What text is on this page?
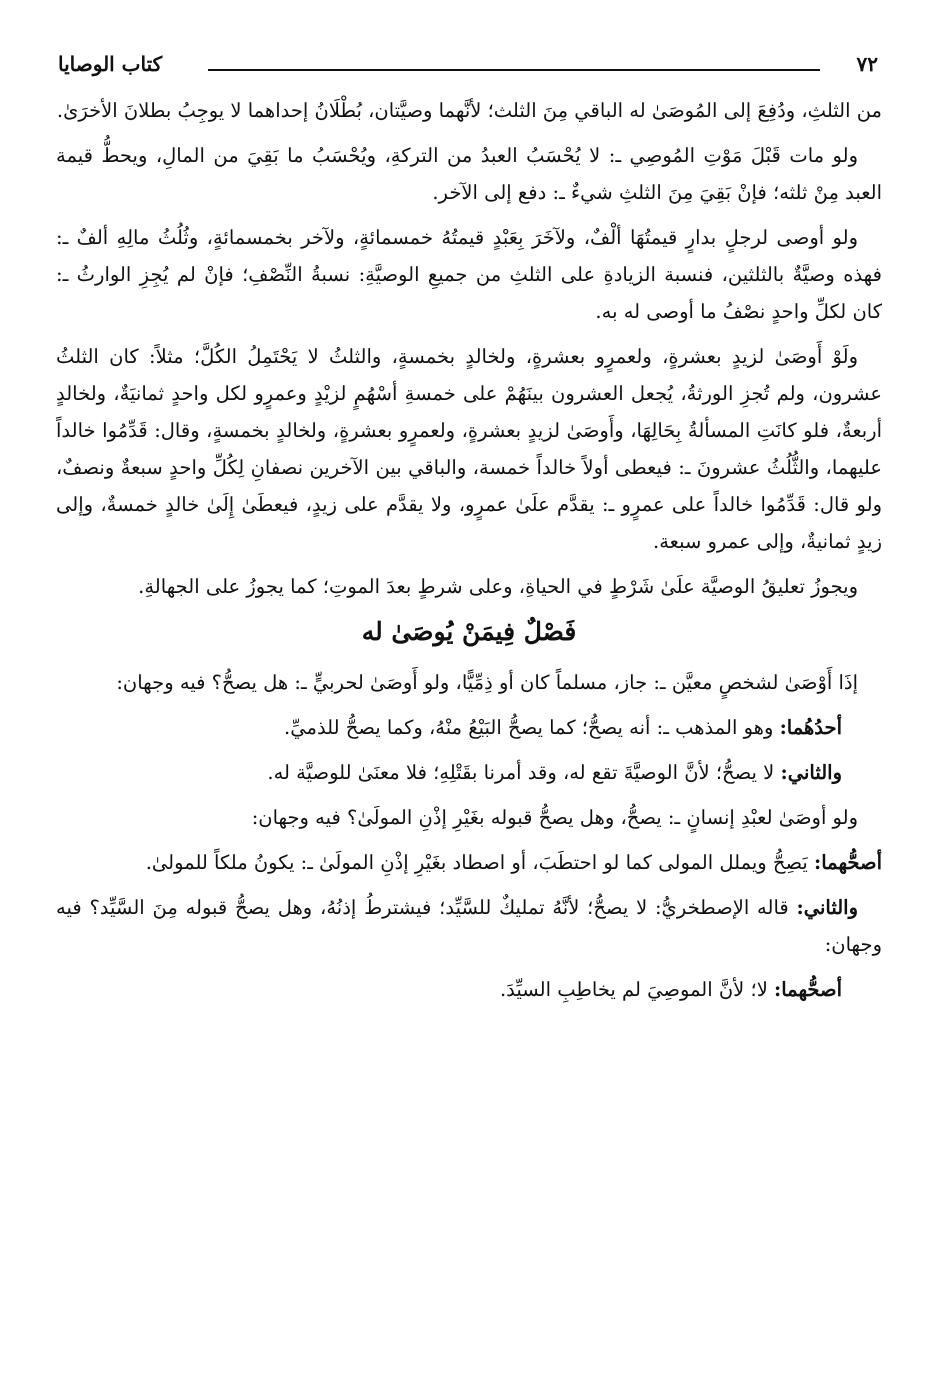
٧٢
كتاب الوصايا

من الثلثِ، ودُفِعَ إلى المُوصَىٰ له الباقي مِنَ الثلث؛ لأنَّهما وصيَّتان، بُطْلَانُ إحداهما لا يوجِبُ بطلانَ الأخرَىٰ.

ولو مات قَبْلَ مَوْتِ المُوصِي ـ: لا يُحْسَبُ العبدُ من التركةِ، ويُحْسَبُ ما بَقِيَ من المالِ، ويحطُّ قيمة العبد مِنْ ثلثه؛ فإنْ بَقِيَ مِنَ الثلثِ شيءٌ ـ: دفع إلى الآخر.

ولو أوصى لرجلٍ بدارٍ قيمتُهَا ألْفٌ، ولآخَرَ بِعَبْدٍ قيمتُهُ خمسمائةٍ، ولآخر بخمسمائةٍ، وثُلُثُ مالِهِ ألفٌ ـ: فهذه وصيَّةٌ بالثلثين، فنسبة الزيادةِ على الثلثِ من جميعِ الوصيَّةِ: نسبةُ النِّصْفِ؛ فإنْ لم يُجِزِ الوارثُ ـ: كان لكلِّ واحدٍ نصْفُ ما أوصى له به.

ولَوْ أَوصَىٰ لزيدٍ بعشرةٍ، ولعمرٍو بعشرةٍ، ولخالدٍ بخمسةٍ، والثلثُ لا يَحْتَمِلُ الكُلَّ؛ مثلاً: كان الثلثُ عشرون، ولم تُجزِ الورثةُ، يُجعل العشرون بينَهُمْ على خمسةِ أسْهُمٍ لزيْدٍ وعمرٍو لكل واحدٍ ثمانيَةٌ، ولخالدٍ أربعةٌ، فلو كانَتِ المسألةُ بِحَالِهَا، وأَوصَىٰ لزيدٍ بعشرةٍ، ولعمرٍو بعشرةٍ، ولخالدٍ بخمسةٍ، وقال: قَدِّمُوا خالداً عليهما، والثُّلُثُ عشرونَ ـ: فيعطى أولاً خالداً خمسة، والباقي بين الآخرين نصفانِ لِكُلِّ واحدٍ سبعةٌ ونصفٌ، ولو قال: قَدِّمُوا خالداً على عمرٍو ـ: يقدَّم علَىٰ عمرٍو، ولا يقدَّم على زيدٍ، فيعطَىٰ إِلَىٰ خالدٍ خمسةٌ، وإلى زيدٍ ثمانيةٌ، وإلى عمرو سبعة.

ويجوزُ تعليقُ الوصيَّة علَىٰ شَرْطٍ في الحياةِ، وعلى شرطٍ بعدَ الموتِ؛ كما يجوزُ على الجهالةِ.

فَصْلٌ فِيمَنْ يُوصَىٰ له

إذَا أَوْصَىٰ لشخصٍ معيَّن ـ: جاز، مسلماً كان أو ذِمِّيًّا، ولو أَوصَىٰ لحربيٍّ ـ: هل يصحُّ؟ فيه وجهان:

أحدُهُما: وهو المذهب ـ: أنه يصحُّ؛ كما يصحُّ البَيْعُ منْهُ، وكما يصحُّ للذميِّ.

والثاني: لا يصحُّ؛ لأنَّ الوصيَّةَ تقع له، وقد أمرنا بقَتْلِهِ؛ فلا معنَىٰ للوصيَّة له.

ولو أوصَىٰ لعبْدِ إنسانٍ ـ: يصحُّ، وهل يصحُّ قبوله بغَيْرِ إذْنِ المولَىٰ؟ فيه وجهان:

أصحُّهما: يَصِحُّ ويملل المولى كما لو احتطَبَ، أو اصطاد بغَيْرِ إذْنِ المولَىٰ ـ: يكونُ ملكاً للمولىٰ.

والثاني: قاله الإصطخريُّ: لا يصحُّ؛ لأنَّهُ تمليكٌ للسَّيِّد؛ فيشترطُ إذنُهُ، وهل يصحُّ قبوله مِنَ السَّيِّد؟ فيه وجهان:

أصحُّهما: لا؛ لأنَّ الموصِيَ لم يخاطِبِ السيِّدَ.
